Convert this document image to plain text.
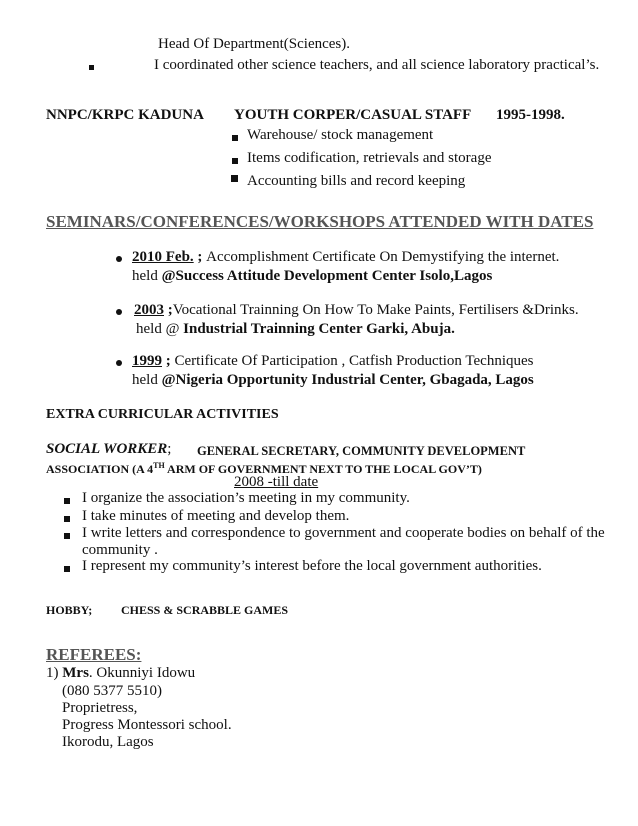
Head Of Department(Sciences).
I coordinated other science teachers, and all science laboratory practical’s.
NNPC/KRPC KADUNA YOUTH CORPER/CASUAL STAFF 1995-1998.
Warehouse/ stock management
Items codification, retrievals and storage
Accounting bills and record keeping
SEMINARS/CONFERENCES/WORKSHOPS ATTENDED WITH DATES
2010 Feb. ; Accomplishment Certificate On Demystifying the internet.
held @Success Attitude Development Center Isolo,Lagos
2003 ;Vocational Trainning On How To Make Paints, Fertilisers &Drinks.
held @ Industrial Trainning Center Garki, Abuja.
1999 ; Certificate Of Participation , Catfish Production Techniques
held @Nigeria Opportunity Industrial Center, Gbagada, Lagos
EXTRA CURRICULAR ACTIVITIES
SOCIAL WORKER; GENERAL SECRETARY, COMMUNITY DEVELOPMENT
ASSOCIATION (A 4TH ARM OF GOVERNMENT NEXT TO THE LOCAL GOV’T)
2008 -till date
I organize the association’s meeting in my community.
I take minutes of meeting and develop them.
I write letters and correspondence to government and cooperate bodies on behalf of the
community .
I represent my community’s interest before the local government authorities.
HOBBY; CHESS & SCRABBLE GAMES
REFEREES:
1) Mrs. Okunniyi Idowu
(080 5377 5510)
Proprietress,
Progress Montessori school.
Ikorodu, Lagos
